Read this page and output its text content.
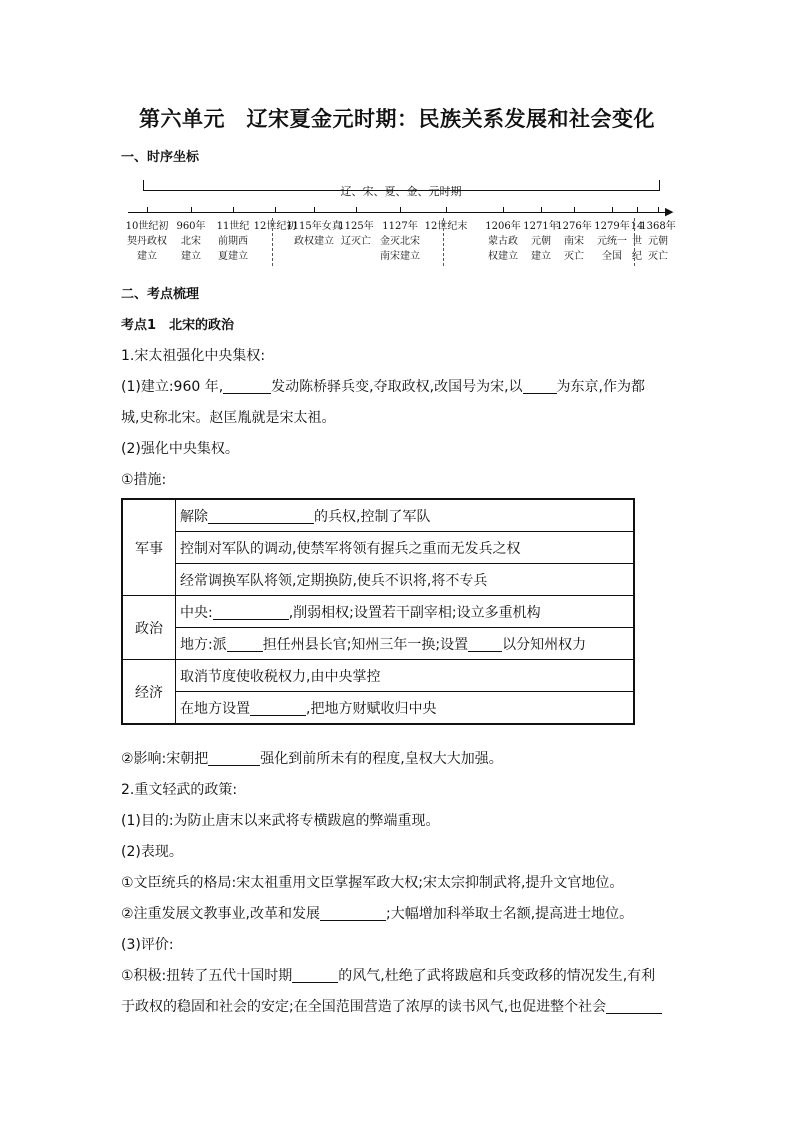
第六单元　辽宋夏金元时期：民族关系发展和社会变化
一、时序坐标
辽、宋、夏、金、元时期
▶
10世纪初
契丹政权
建立
960年
北宋
建立
11世纪
前期西
夏建立
12世纪初
1115年女真
政权建立
1125年
辽灭亡
1127年
金灭北宋
南宋建立
12世纪末	1206年
蒙古政
权建立
1271年
元朝
建立
1276年
南宋
灭亡
1279年
元统一
全国
14
世
纪
1368年
元朝
灭亡
二、考点梳理
考点1　北宋的政治
1.宋太祖强化中央集权:
(1)建立:960 年,	发动陈桥驿兵变,夺取政权,改国号为宋,以 为东京,作为都
城,史称北宋。赵匡胤就是宋太祖。
(2)强化中央集权。
①措施:
军事	解除 的兵权,控制了军队
	控制对军队的调动,使禁军将领有握兵之重而无发兵之权
	经常调换军队将领,定期换防,使兵不识将,将不专兵
政治	中央: ,削弱相权;设置若干副宰相;设立多重机构
	地方:派 担任州县长官;知州三年一换;设置 以分知州权力
经济	取消节度使收税权力,由中央掌控
	在地方设置 ,把地方财赋收归中央
②影响:宋朝把	强化到前所未有的程度,皇权大大加强。
2.重文轻武的政策:
(1)目的:为防止唐末以来武将专横跋扈的弊端重现。
(2)表现。
①文臣统兵的格局:宋太祖重用文臣掌握军政大权;宋太宗抑制武将,提升文官地位。
②注重发展文教事业,改革和发展	;大幅增加科举取士名额,提高进士地位。
(3)评价:
①积极:扭转了五代十国时期	的风气,杜绝了武将跋扈和兵变政移的情况发生,有利
于政权的稳固和社会的安定;在全国范围营造了浓厚的读书风气,也促进整个社会
